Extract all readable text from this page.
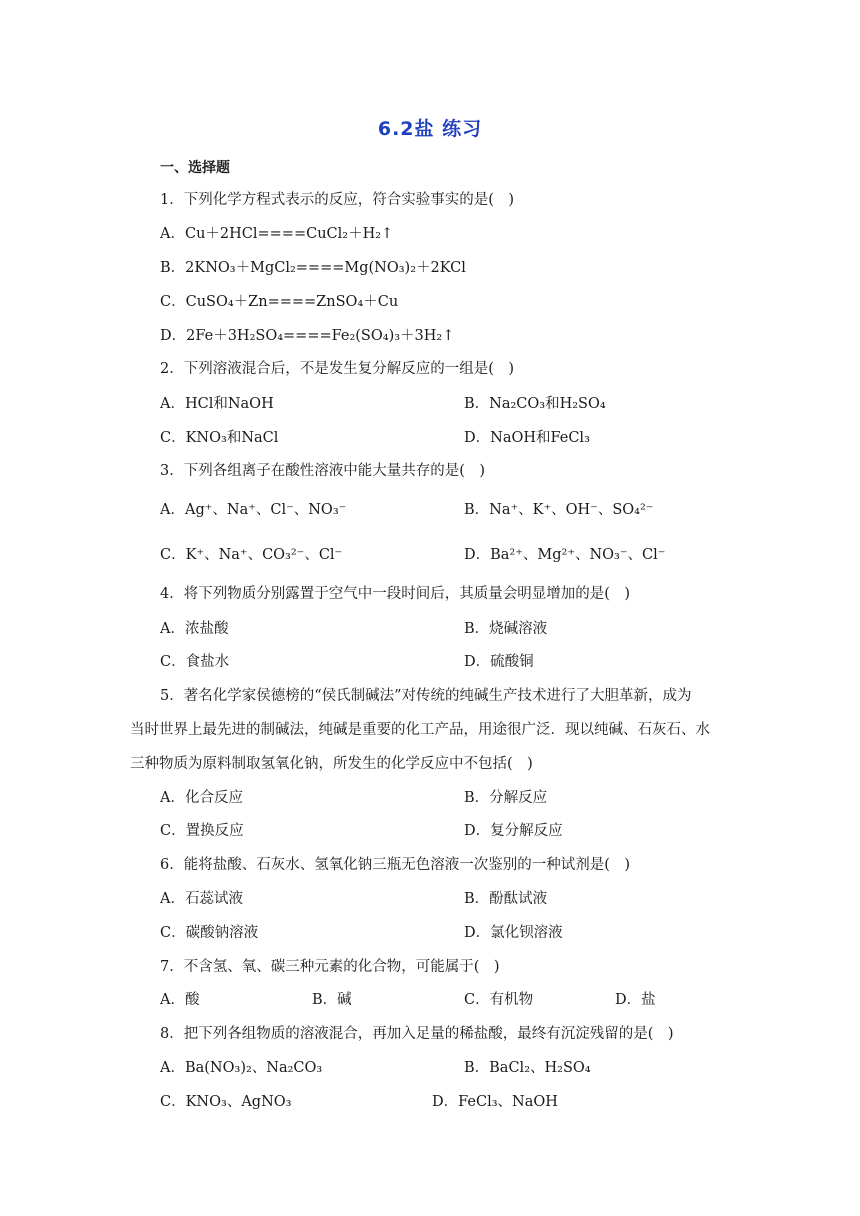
6.2盐 练习
一、选择题
1．下列化学方程式表示的反应，符合实验事实的是(　)
A．Cu＋2HCl====CuCl₂＋H₂↑
B．2KNO₃＋MgCl₂====Mg(NO₃)₂＋2KCl
C．CuSO₄＋Zn====ZnSO₄＋Cu
D．2Fe＋3H₂SO₄====Fe₂(SO₄)₃＋3H₂↑
2．下列溶液混合后，不是发生复分解反应的一组是(　)
A．HCl和NaOH	B．Na₂CO₃和H₂SO₄
C．KNO₃和NaCl	D．NaOH和FeCl₃
3．下列各组离子在酸性溶液中能大量共存的是(　)
A．Ag⁺、Na⁺、Cl⁻、NO₃⁻	B．Na⁺、K⁺、OH⁻、SO₄²⁻
C．K⁺、Na⁺、CO₃²⁻、Cl⁻	D．Ba²⁺、Mg²⁺、NO₃⁻、Cl⁻
4．将下列物质分别露置于空气中一段时间后，其质量会明显增加的是(　)
A．浓盐酸	B．烧碱溶液
C．食盐水	D．硫酸铜
5．著名化学家侯德榜的“侯氏制碱法”对传统的纯碱生产技术进行了大胆革新，成为
当时世界上最先进的制碱法，纯碱是重要的化工产品，用途很广泛．现以纯碱、石灰石、水
三种物质为原料制取氢氧化钠，所发生的化学反应中不包括(　)
A．化合反应	B．分解反应
C．置换反应	D．复分解反应
6．能将盐酸、石灰水、氢氧化钠三瓶无色溶液一次鉴别的一种试剂是(　)
A．石蕊试液	B．酚酞试液
C．碳酸钠溶液	D．氯化钡溶液
7．不含氢、氧、碳三种元素的化合物，可能属于(　)
A．酸	B．碱	C．有机物	D．盐
8．把下列各组物质的溶液混合，再加入足量的稀盐酸，最终有沉淀残留的是(　)
A．Ba(NO₃)₂、Na₂CO₃	B．BaCl₂、H₂SO₄
C．KNO₃、AgNO₃	D．FeCl₃、NaOH
